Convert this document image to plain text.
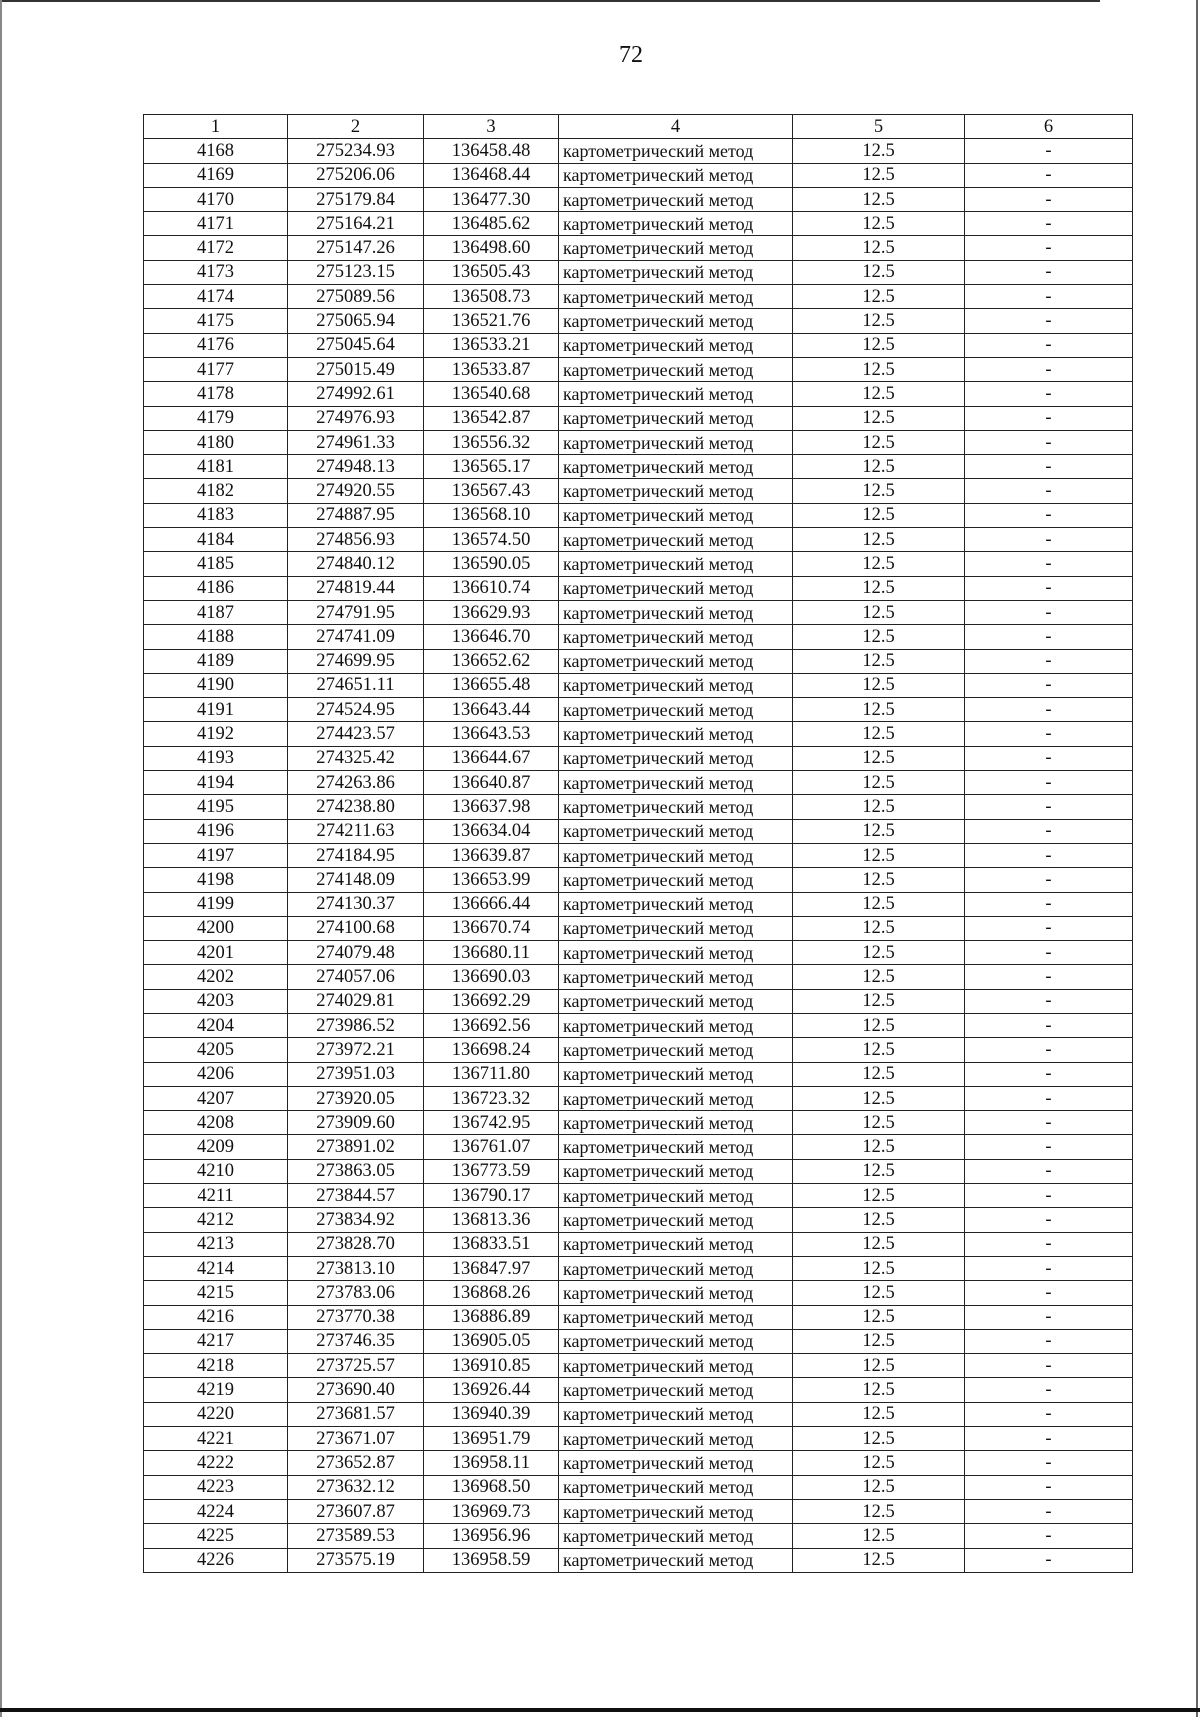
72
1	2	3	4	5	6
4168	275234.93	136458.48	картометрический метод	12.5	-
4169	275206.06	136468.44	картометрический метод	12.5	-
4170	275179.84	136477.30	картометрический метод	12.5	-
4171	275164.21	136485.62	картометрический метод	12.5	-
4172	275147.26	136498.60	картометрический метод	12.5	-
4173	275123.15	136505.43	картометрический метод	12.5	-
4174	275089.56	136508.73	картометрический метод	12.5	-
4175	275065.94	136521.76	картометрический метод	12.5	-
4176	275045.64	136533.21	картометрический метод	12.5	-
4177	275015.49	136533.87	картометрический метод	12.5	-
4178	274992.61	136540.68	картометрический метод	12.5	-
4179	274976.93	136542.87	картометрический метод	12.5	-
4180	274961.33	136556.32	картометрический метод	12.5	-
4181	274948.13	136565.17	картометрический метод	12.5	-
4182	274920.55	136567.43	картометрический метод	12.5	-
4183	274887.95	136568.10	картометрический метод	12.5	-
4184	274856.93	136574.50	картометрический метод	12.5	-
4185	274840.12	136590.05	картометрический метод	12.5	-
4186	274819.44	136610.74	картометрический метод	12.5	-
4187	274791.95	136629.93	картометрический метод	12.5	-
4188	274741.09	136646.70	картометрический метод	12.5	-
4189	274699.95	136652.62	картометрический метод	12.5	-
4190	274651.11	136655.48	картометрический метод	12.5	-
4191	274524.95	136643.44	картометрический метод	12.5	-
4192	274423.57	136643.53	картометрический метод	12.5	-
4193	274325.42	136644.67	картометрический метод	12.5	-
4194	274263.86	136640.87	картометрический метод	12.5	-
4195	274238.80	136637.98	картометрический метод	12.5	-
4196	274211.63	136634.04	картометрический метод	12.5	-
4197	274184.95	136639.87	картометрический метод	12.5	-
4198	274148.09	136653.99	картометрический метод	12.5	-
4199	274130.37	136666.44	картометрический метод	12.5	-
4200	274100.68	136670.74	картометрический метод	12.5	-
4201	274079.48	136680.11	картометрический метод	12.5	-
4202	274057.06	136690.03	картометрический метод	12.5	-
4203	274029.81	136692.29	картометрический метод	12.5	-
4204	273986.52	136692.56	картометрический метод	12.5	-
4205	273972.21	136698.24	картометрический метод	12.5	-
4206	273951.03	136711.80	картометрический метод	12.5	-
4207	273920.05	136723.32	картометрический метод	12.5	-
4208	273909.60	136742.95	картометрический метод	12.5	-
4209	273891.02	136761.07	картометрический метод	12.5	-
4210	273863.05	136773.59	картометрический метод	12.5	-
4211	273844.57	136790.17	картометрический метод	12.5	-
4212	273834.92	136813.36	картометрический метод	12.5	-
4213	273828.70	136833.51	картометрический метод	12.5	-
4214	273813.10	136847.97	картометрический метод	12.5	-
4215	273783.06	136868.26	картометрический метод	12.5	-
4216	273770.38	136886.89	картометрический метод	12.5	-
4217	273746.35	136905.05	картометрический метод	12.5	-
4218	273725.57	136910.85	картометрический метод	12.5	-
4219	273690.40	136926.44	картометрический метод	12.5	-
4220	273681.57	136940.39	картометрический метод	12.5	-
4221	273671.07	136951.79	картометрический метод	12.5	-
4222	273652.87	136958.11	картометрический метод	12.5	-
4223	273632.12	136968.50	картометрический метод	12.5	-
4224	273607.87	136969.73	картометрический метод	12.5	-
4225	273589.53	136956.96	картометрический метод	12.5	-
4226	273575.19	136958.59	картометрический метод	12.5	-
